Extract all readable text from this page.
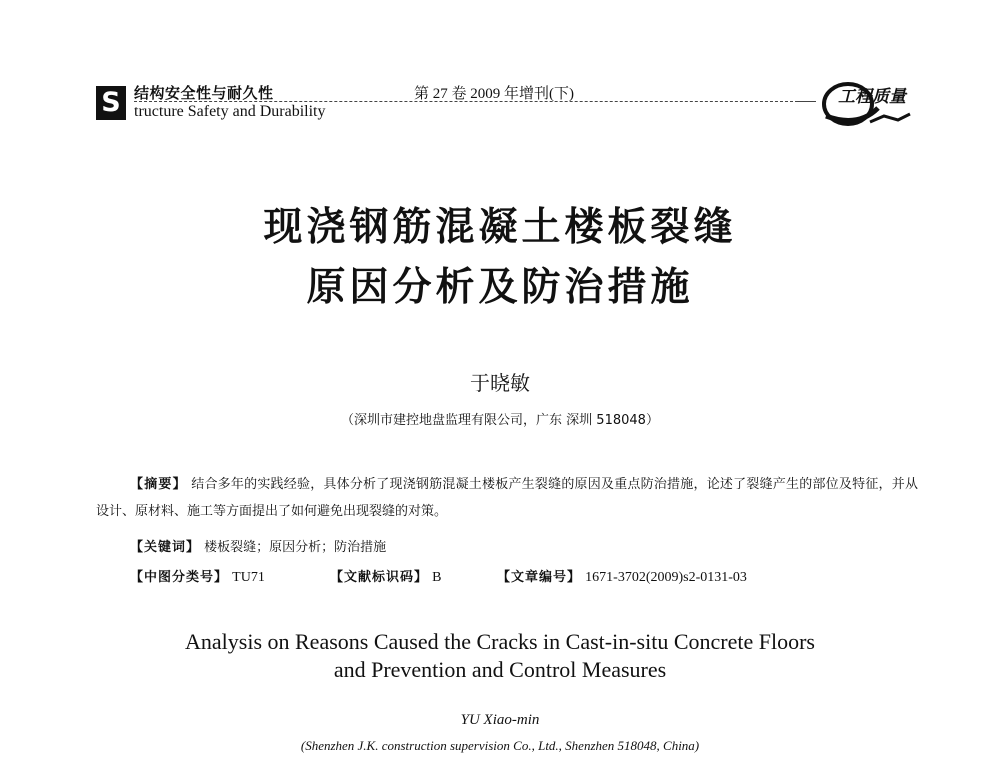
S 结构安全性与耐久性
tructure Safety and Durability
第 27 卷 2009 年增刊(下)	工程质量
现浇钢筋混凝土楼板裂缝
原因分析及防治措施
于晓敏
（深圳市建控地盘监理有限公司，广东 深圳 518048）
【摘要】 结合多年的实践经验，具体分析了现浇钢筋混凝土楼板产生裂缝的原因及重点防治措施，论述了裂缝产生的部位及特征，并从设计、原材料、施工等方面提出了如何避免出现裂缝的对策。
【关键词】 楼板裂缝；原因分析；防治措施
【中图分类号】 TU71	【文献标识码】 B	【文章编号】 1671-3702(2009)s2-0131-03
Analysis on Reasons Caused the Cracks in Cast-in-situ Concrete Floors
and Prevention and Control Measures
YU Xiao-min
(Shenzhen J.K. construction supervision Co., Ltd., Shenzhen 518048, China)
